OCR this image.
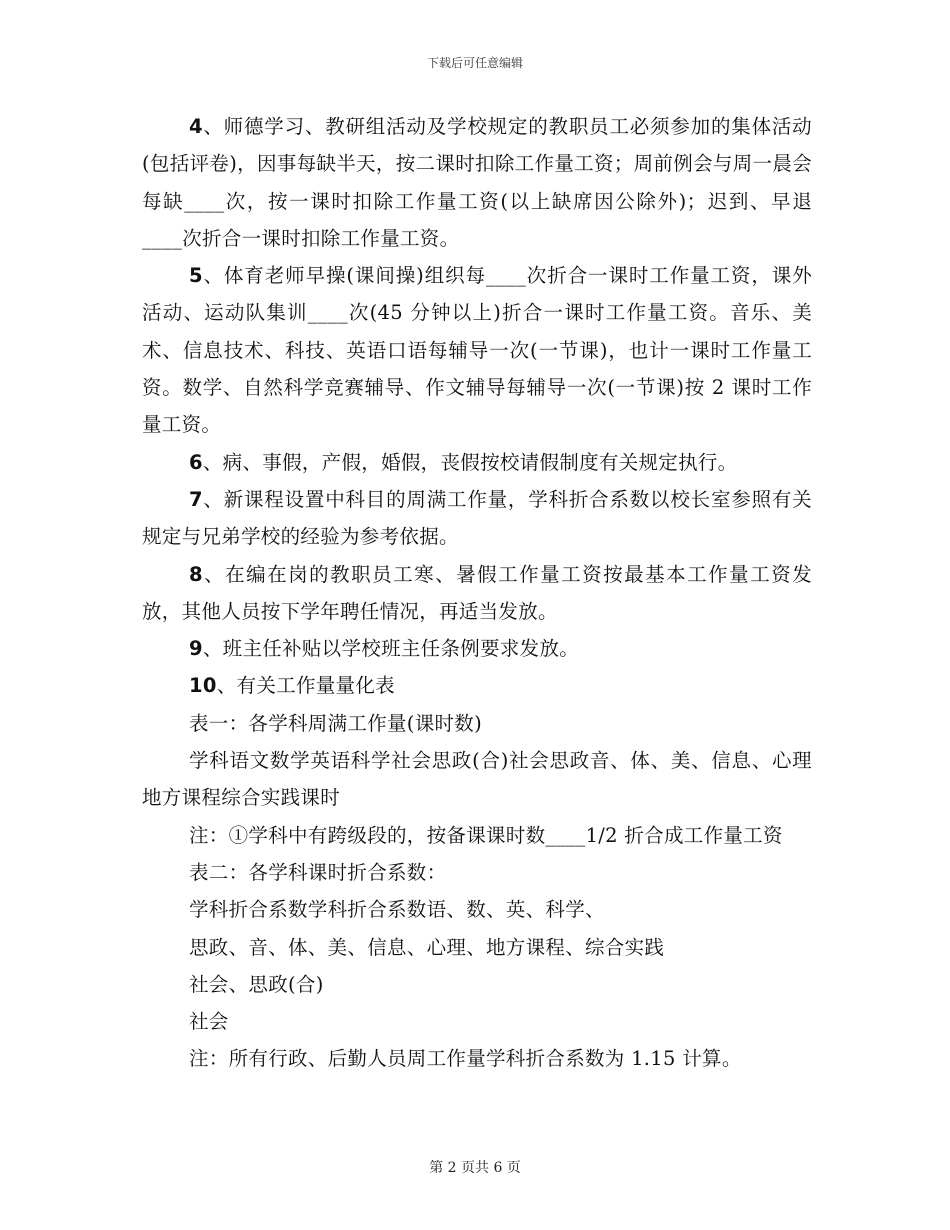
下载后可任意编辑

4、师德学习、教研组活动及学校规定的教职员工必须参加的集体活动(包括评卷)，因事每缺半天，按二课时扣除工作量工资；周前例会与周一晨会每缺____次，按一课时扣除工作量工资(以上缺席因公除外)；迟到、早退____次折合一课时扣除工作量工资。

5、体育老师早操(课间操)组织每____次折合一课时工作量工资，课外活动、运动队集训____次(45 分钟以上)折合一课时工作量工资。音乐、美术、信息技术、科技、英语口语每辅导一次(一节课)，也计一课时工作量工资。数学、自然科学竞赛辅导、作文辅导每辅导一次(一节课)按 2 课时工作量工资。

6、病、事假，产假，婚假，丧假按校请假制度有关规定执行。

7、新课程设置中科目的周满工作量，学科折合系数以校长室参照有关规定与兄弟学校的经验为参考依据。

8、在编在岗的教职员工寒、暑假工作量工资按最基本工作量工资发放，其他人员按下学年聘任情况，再适当发放。

9、班主任补贴以学校班主任条例要求发放。

10、有关工作量量化表

表一：各学科周满工作量(课时数)

学科语文数学英语科学社会思政(合)社会思政音、体、美、信息、心理地方课程综合实践课时

注：①学科中有跨级段的，按备课课时数____1/2 折合成工作量工资

表二：各学科课时折合系数：

学科折合系数学科折合系数语、数、英、科学、

思政、音、体、美、信息、心理、地方课程、综合实践

社会、思政(合)

社会

注：所有行政、后勤人员周工作量学科折合系数为 1.15 计算。

第 2 页共 6 页
